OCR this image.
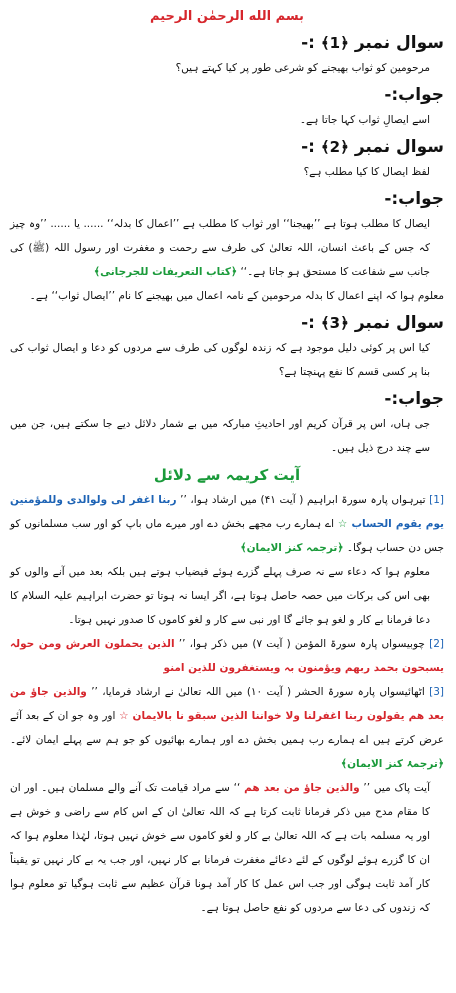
بسم الله الرحمٰن الرحیم
سوال نمبر ﴿1﴾ :-

مرحومین کو ثواب بھیجنے کو شرعی طور پر کیا کہتے ہیں؟

جواب:-

اسے ایصالِ ثواب کہا جاتا ہے۔

سوال نمبر ﴿2﴾ :-

لفظ ایصال کا کیا مطلب ہے؟

جواب:-

ایصال کا مطلب ہوتا ہے ’’بھیجنا‘‘ اور ثواب کا مطلب ہے ’’اعمال کا بدلہ‘‘ ...... یا ...... ’’وہ چیز کہ جس کے باعث انسان، اللہ تعالیٰ کی طرف سے رحمت و مغفرت اور رسول اللہ (ﷺ) کی جانب سے شفاعت کا مستحق ہو جاتا ہے۔‘‘ ﴿کتاب التعریفات للجرجانی﴾

معلوم ہوا کہ اپنے اعمال کا بدلہ مرحومین کے نامہ اعمال میں بھیجنے کا نام ’’ایصال ثواب‘‘ ہے۔

سوال نمبر ﴿3﴾ :-

کیا اس پر کوئی دلیل موجود ہے کہ زندہ لوگوں کی طرف سے مردوں کو دعا و ایصال ثواب کی بنا پر کسی قسم کا نفع پہنچتا ہے؟

جواب:-

جی ہاں، اس پر قرآن کریم اور احادیثِ مبارکہ میں بے شمار دلائل دیے جا سکتے ہیں، جن میں سے چند درج ذیل ہیں۔

آیت کریمہ سے دلائل

[1] تیرہواں پارہ سورۃ ابراہیم ( آیت ۴۱) میں ارشاد ہوا، ’’ ربنا اغفر لی ولوالدی وللمؤمنین یوم یقوم الحساب ☆ اے ہمارے رب مجھے بخش دے اور میرے ماں باپ کو اور سب مسلمانوں کو جس دن حساب ہوگا۔ ﴿ترجمہ کنز الایمان﴾

معلوم ہوا کہ دعاء سے نہ صرف پہلے گزرے ہوئے فیضیاب ہوتے ہیں بلکہ بعد میں آنے والوں کو بھی اس کی برکات میں حصہ حاصل ہوتا ہے، اگر ایسا نہ ہوتا تو حضرت ابراہیم علیہ السلام کا دعا فرمانا بے کار و لغو ہو جائے گا اور نبی سے کار و لغو کاموں کا صدور نہیں ہوتا۔

[2] چوبیسواں پارہ سورۃ المؤمن ( آیت ۷) میں ذکر ہوا، ’’ الذین یحملون العرش ومن حولہ یسبحون بحمد ربھم ویؤمنون بہ ویستغفرون للذین امنو

[3] اٹھائیسواں پارہ سورۃ الحشر ( آیت ۱۰) میں اللہ تعالیٰ نے ارشاد فرمایا، ’’ والذین جاؤ من بعد ھم یقولون ربنا اغفرلنا ولا خواننا الذین سبقو نا بالایمان ☆ اور وہ جو ان کے بعد آئے عرض کرتے ہیں اے ہمارے رب ہمیں بخش دے اور ہمارے بھائیوں کو جو ہم سے پہلے ایمان لائے۔ ﴿ترجمۂ کنز الایمان﴾

آیت پاک میں ’’ والذین جاؤ من بعد ھم ‘‘ سے مراد قیامت تک آنے والے مسلمان ہیں۔ اور ان کا مقام مدح میں ذکر فرمانا ثابت کرتا ہے کہ اللہ تعالیٰ ان کے اس کام سے راضی و خوش ہے اور یہ مسلمہ بات ہے کہ اللہ تعالیٰ بے کار و لغو کاموں سے خوش نہیں ہوتا، لہٰذا معلوم ہوا کہ ان کا گزرے ہوئے لوگوں کے لئے دعائے مغفرت فرمانا بے کار نہیں، اور جب یہ بے کار نہیں تو یقیناً کار آمد ثابت ہوگی اور جب اس عمل کا کار آمد ہونا قرآن عظیم سے ثابت ہوگیا تو معلوم ہوا کہ زندوں کی دعا سے مردوں کو نفع حاصل ہوتا ہے۔
